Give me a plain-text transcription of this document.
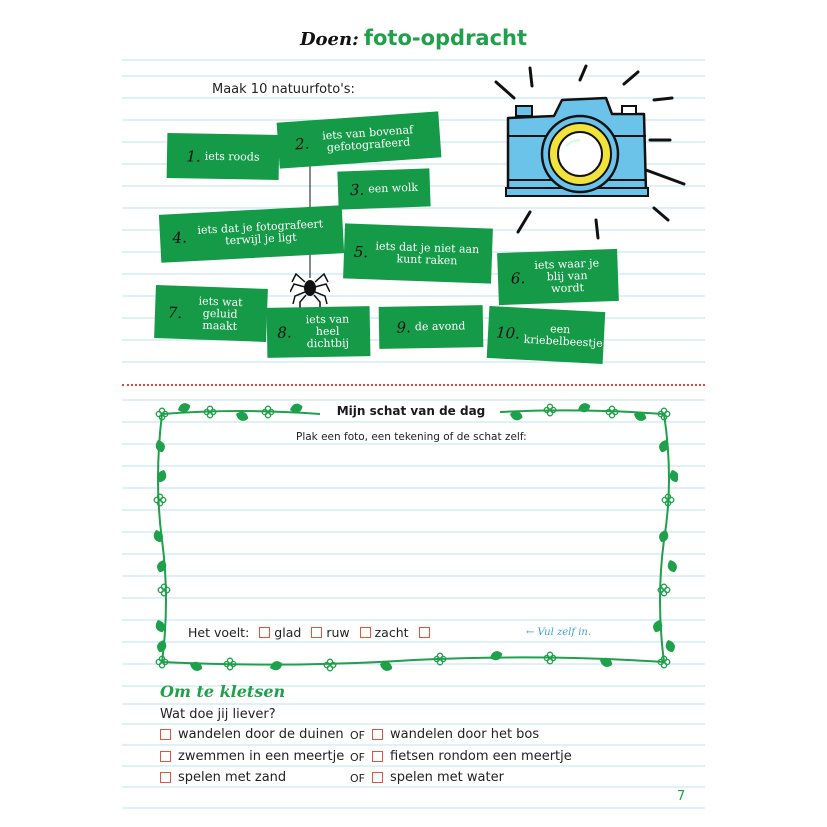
Doen: foto-opdracht
Maak 10 natuurfoto's:
1. iets roods
2.
iets van bovenaf gefotografeerd
3. een wolk
4.
iets dat je fotografeert terwijl je ligt
5. iets dat je niet aan kunt raken
6.
iets waar je blij van wordt
7.
iets wat geluid maakt	8.
iets van heel dichtbij
9. de avond 10.	een kriebelbeestje
Mijn schat van de dag
Plak een foto, een tekening of de schat zelf:
Het voelt: glad ruw zacht	← Vul zelf in.
Om te kletsen
Wat doe jij liever?
wandelen door de duinen OF wandelen door het bos
zwemmen in een meertje OF fietsen rondom een meertje
spelen met zand	OF spelen met water
7
